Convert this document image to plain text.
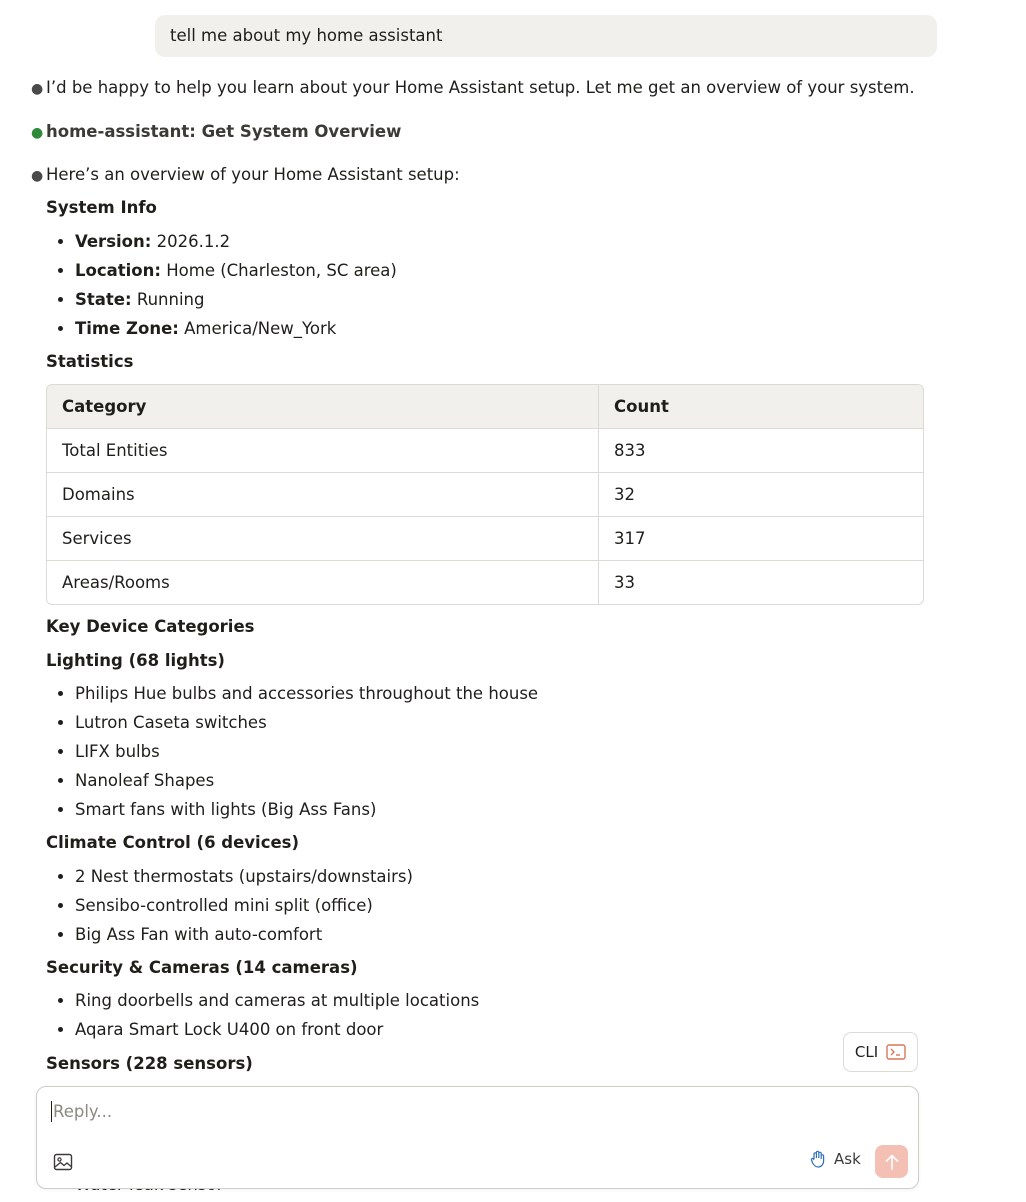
tell me about my home assistant
● I’d be happy to help you learn about your Home Assistant setup. Let me get an overview of your system.
● home-assistant: Get System Overview
● Here’s an overview of your Home Assistant setup:
System Info
• Version: 2026.1.2
• Location: Home (Charleston, SC area)
• State: Running
• Time Zone: America/New_York
Statistics
Category	Count
Total Entities	833
Domains	32
Services	317
Areas/Rooms	33
Key Device Categories
Lighting (68 lights)
• Philips Hue bulbs and accessories throughout the house
• Lutron Caseta switches
• LIFX bulbs
• Nanoleaf Shapes
• Smart fans with lights (Big Ass Fans)
Climate Control (6 devices)
• 2 Nest thermostats (upstairs/downstairs)
• Sensibo-controlled mini split (office)
• Big Ass Fan with auto-comfort
Security & Cameras (14 cameras)
• Ring doorbells and cameras at multiple locations
• Aqara Smart Lock U400 on front door
Sensors (228 sensors)
CLI
Reply...
Ask
